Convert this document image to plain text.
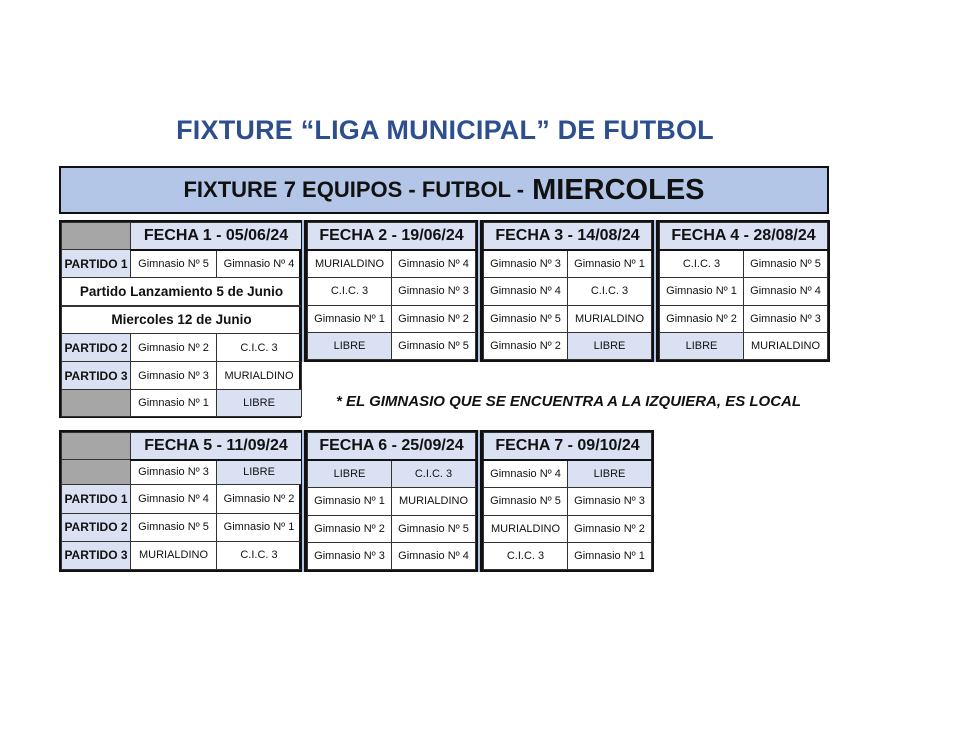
FIXTURE “LIGA MUNICIPAL” DE FUTBOL
FIXTURE 7 EQUIPOS - FUTBOL - MIERCOLES
	FECHA 1 - 05/06/24	
PARTIDO 1	Gimnasio Nº 5	Gimnasio Nº 4
Partido Lanzamiento 5 de Junio		
Miercoles 12 de Junio		
PARTIDO 2	Gimnasio Nº 2	C.I.C. 3
PARTIDO 3	Gimnasio Nº 3	MURIALDINO
	Gimnasio Nº 1	LIBRE
FECHA 2 - 19/06/24	
MURIALDINO	Gimnasio Nº 4
C.I.C. 3	Gimnasio Nº 3
Gimnasio Nº 1	Gimnasio Nº 2
LIBRE	Gimnasio Nº 5
FECHA 3 - 14/08/24	
Gimnasio Nº 3	Gimnasio Nº 1
Gimnasio Nº 4	C.I.C. 3
Gimnasio Nº 5	MURIALDINO
Gimnasio Nº 2	LIBRE
FECHA 4 - 28/08/24	
C.I.C. 3	Gimnasio Nº 5
Gimnasio Nº 1	Gimnasio Nº 4
Gimnasio Nº 2	Gimnasio Nº 3
LIBRE	MURIALDINO
* EL GIMNASIO QUE SE ENCUENTRA A LA IZQUIERA, ES LOCAL
	FECHA 5 - 11/09/24	
	Gimnasio Nº 3	LIBRE
PARTIDO 1	Gimnasio Nº 4	Gimnasio Nº 2
PARTIDO 2	Gimnasio Nº 5	Gimnasio Nº 1
PARTIDO 3	MURIALDINO	C.I.C. 3
FECHA 6 - 25/09/24	
LIBRE	C.I.C. 3
Gimnasio Nº 1	MURIALDINO
Gimnasio Nº 2	Gimnasio Nº 5
Gimnasio Nº 3	Gimnasio Nº 4
FECHA 7 - 09/10/24	
Gimnasio Nº 4	LIBRE
Gimnasio Nº 5	Gimnasio Nº 3
MURIALDINO	Gimnasio Nº 2
C.I.C. 3	Gimnasio Nº 1
